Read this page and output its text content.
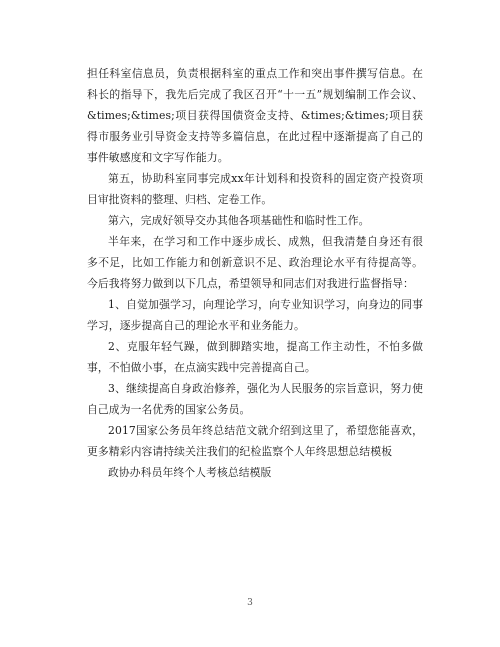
担任科室信息员，负责根据科室的重点工作和突出事件撰写信息。在科长的指导下，我先后完成了我区召开“十一五”规划编制工作会议、&times;&times;项目获得国债资金支持、&times;&times;项目获得市服务业引导资金支持等多篇信息，在此过程中逐渐提高了自己的事件敏感度和文字写作能力。

第五，协助科室同事完成xx年计划科和投资科的固定资产投资项目审批资料的整理、归档、定卷工作。

第六，完成好领导交办其他各项基础性和临时性工作。

半年来，在学习和工作中逐步成长、成熟，但我清楚自身还有很多不足，比如工作能力和创新意识不足、政治理论水平有待提高等。今后我将努力做到以下几点，希望领导和同志们对我进行监督指导：

1、自觉加强学习，向理论学习，向专业知识学习，向身边的同事学习，逐步提高自己的理论水平和业务能力。

2、克服年轻气躁，做到脚踏实地，提高工作主动性，不怕多做事，不怕做小事，在点滴实践中完善提高自己。

3、继续提高自身政治修养，强化为人民服务的宗旨意识，努力使自己成为一名优秀的国家公务员。

2017国家公务员年终总结范文就介绍到这里了，希望您能喜欢，更多精彩内容请持续关注我们的纪检监察个人年终思想总结模板

政协办科员年终个人考核总结模版

3
